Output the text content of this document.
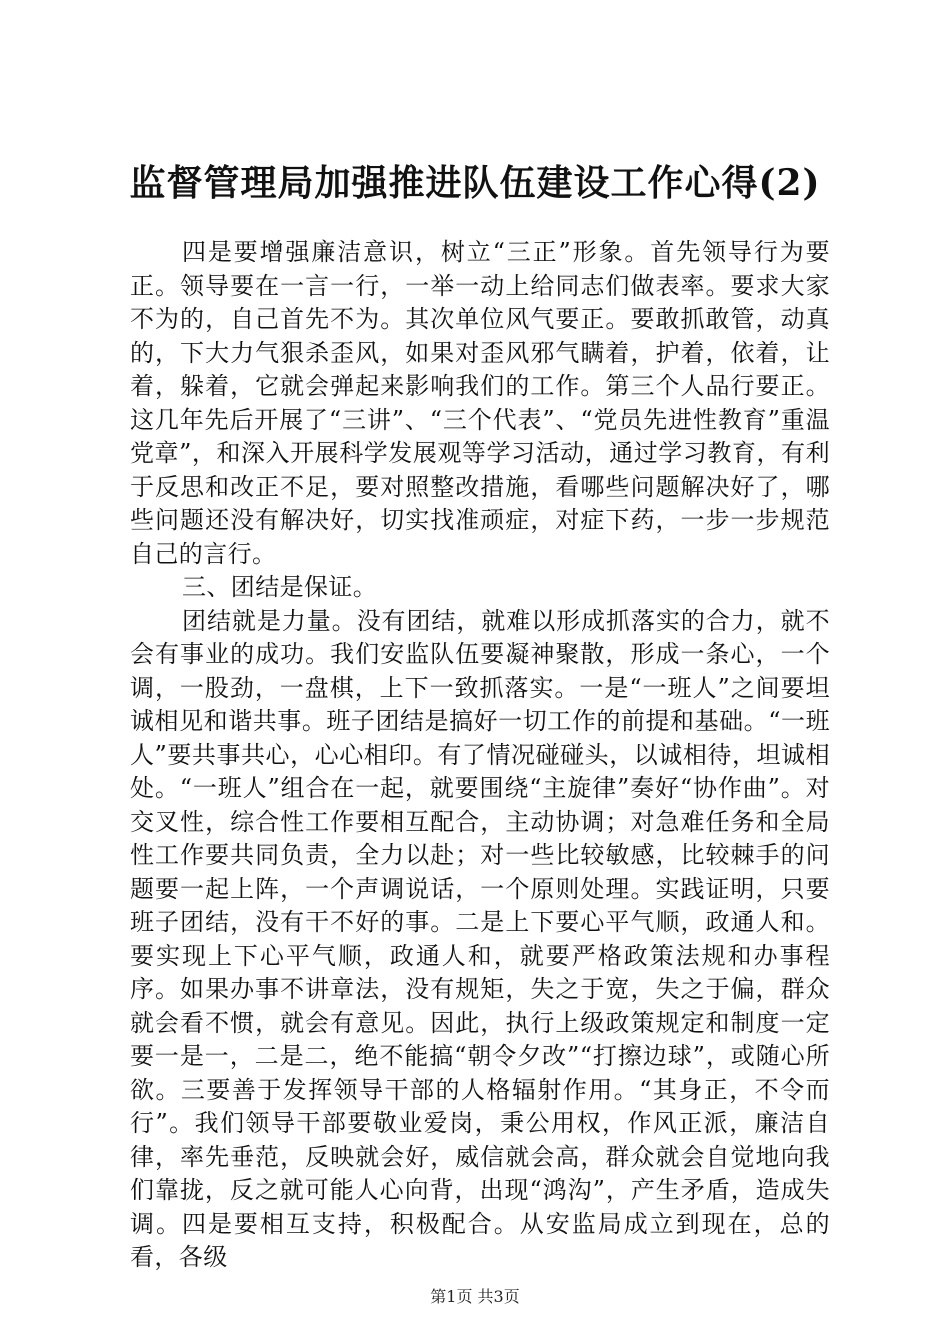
监督管理局加强推进队伍建设工作心得(2)

四是要增强廉洁意识，树立“三正”形象。首先领导行为要正。领导要在一言一行，一举一动上给同志们做表率。要求大家不为的，自己首先不为。其次单位风气要正。要敢抓敢管，动真的，下大力气狠杀歪风，如果对歪风邪气瞒着，护着，依着，让着，躲着，它就会弹起来影响我们的工作。第三个人品行要正。这几年先后开展了“三讲”、“三个代表”、“党员先进性教育”重温党章”，和深入开展科学发展观等学习活动，通过学习教育，有利于反思和改正不足，要对照整改措施，看哪些问题解决好了，哪些问题还没有解决好，切实找准顽症，对症下药，一步一步规范自己的言行。

三、团结是保证。

团结就是力量。没有团结，就难以形成抓落实的合力，就不会有事业的成功。我们安监队伍要凝神聚散，形成一条心，一个调，一股劲，一盘棋，上下一致抓落实。一是“一班人”之间要坦诚相见和谐共事。班子团结是搞好一切工作的前提和基础。“一班人”要共事共心，心心相印。有了情况碰碰头，以诚相待，坦诚相处。“一班人”组合在一起，就要围绕“主旋律”奏好“协作曲”。对交叉性，综合性工作要相互配合，主动协调；对急难任务和全局性工作要共同负责，全力以赴；对一些比较敏感，比较棘手的问题要一起上阵，一个声调说话，一个原则处理。实践证明，只要班子团结，没有干不好的事。二是上下要心平气顺，政通人和。要实现上下心平气顺，政通人和，就要严格政策法规和办事程序。如果办事不讲章法，没有规矩，失之于宽，失之于偏，群众就会看不惯，就会有意见。因此，执行上级政策规定和制度一定要一是一，二是二，绝不能搞“朝令夕改”“打擦边球”，或随心所欲。三要善于发挥领导干部的人格辐射作用。“其身正，不令而行”。我们领导干部要敬业爱岗，秉公用权，作风正派，廉洁自律，率先垂范，反映就会好，威信就会高，群众就会自觉地向我们靠拢，反之就可能人心向背，出现“鸿沟”，产生矛盾，造成失调。四是要相互支持，积极配合。从安监局成立到现在，总的看，各级

第1页 共3页
